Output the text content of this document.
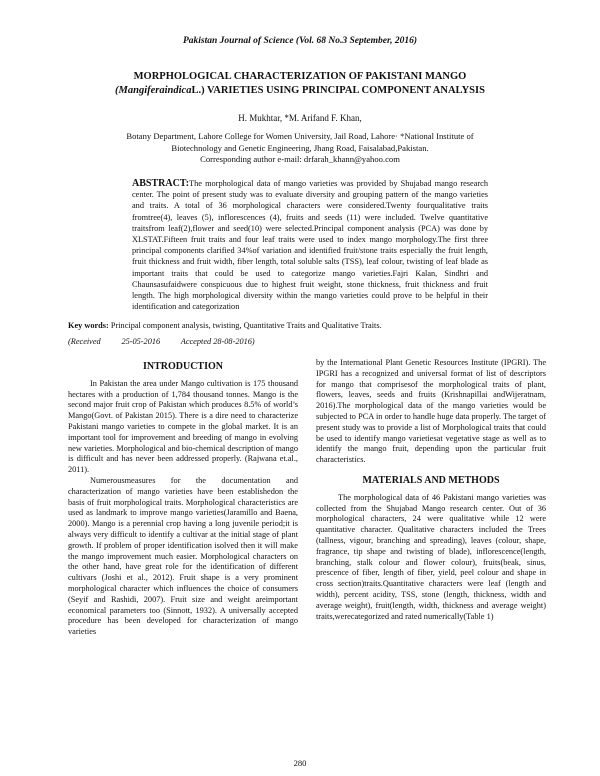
Pakistan Journal of Science (Vol. 68 No.3 September, 2016)
MORPHOLOGICAL CHARACTERIZATION OF PAKISTANI MANGO
(MangiferaindicaL.) VARIETIES USING PRINCIPAL COMPONENT ANALYSIS
H. Mukhtar, *M. Arifand F. Khan,
Botany Department, Lahore College for Women University, Jail Road, Lahore· *National Institute of Biotechnology and Genetic Engineering, Jhang Road, Faisalabad,Pakistan.
Corresponding author e-mail: drfarah_khann@yahoo.com
ABSTRACT:The morphological data of mango varieties was provided by Shujabad mango research center. The point of present study was to evaluate diversity and grouping pattern of the mango varieties and traits. A total of 36 morphological characters were considered.Twenty fourqualitative traits fromtree(4), leaves (5), inflorescences (4), fruits and seeds (11) were included. Twelve quantitative traitsfrom leaf(2),flower and seed(10) were selected.Principal component analysis (PCA) was done by XLSTAT.Fifteen fruit traits and four leaf traits were used to index mango morphology.The first three principal components clarified 34%of variation and identified fruit/stone traits especially the fruit length, fruit thickness and fruit width, fiber length, total soluble salts (TSS), leaf colour, twisting of leaf blade as important traits that could be used to categorize mango varieties.Fajri Kalan, Sindhri and Chaunsasufaidwere conspicuous due to highest fruit weight, stone thickness, fruit thickness and fruit length. The high morphological diversity within the mango varieties could prove to be helpful in their identification and categorization
Key words: Principal component analysis, twisting, Quantitative Traits and Qualitative Traits.
(Received          25-05-2016          Accepted 28-08-2016)
INTRODUCTION

In Pakistan the area under Mango cultivation is 175 thousand hectares with a production of 1,784 thousand tonnes. Mango is the second major fruit crop of Pakistan which produces 8.5% of world’s Mango(Govt. of Pakistan 2015). There is a dire need to characterize Pakistani mango varieties to compete in the global market. It is an important tool for improvement and breeding of mango in evolving new varieties. Morphological and bio-chemical description of mango is difficult and has never been addressed properly. (Rajwana et.al., 2011).

Numerousmeasures for the documentation and characterization of mango varieties have been establishedon the basis of fruit morphological traits. Morphological characteristics are used as landmark to improve mango varieties(Jaramillo and Baena, 2000). Mango is a perennial crop having a long juvenile period;it is always very difficult to identify a cultivar at the initial stage of plant growth. If problem of proper identification isolved then it will make the mango improvement much easier. Morphological characters on the other hand, have great role for the identification of different cultivars (Joshi et al., 2012). Fruit shape is a very prominent morphological character which influences the choice of consumers (Seyif and Rashidi, 2007). Fruit size and weight areimportant economical parameters too (Sinnott, 1932). A universally accepted procedure has been developed for characterization of mango varieties

by the International Plant Genetic Resources Institute (IPGRI). The IPGRI has a recognized and universal format of list of descriptors for mango that comprisesof the morphological traits of plant, flowers, leaves, seeds and fruits (Krishnapillai andWijeratnam, 2016).The morphological data of the mango varieties would be subjected to PCA in order to handle huge data properly. The target of present study was to provide a list of Morphological traits that could be used to identify mango varietiesat vegetative stage as well as to identify the mango fruit, depending upon the particular fruit characteristics.

MATERIALS AND METHODS

The morphological data of 46 Pakistani mango varieties was collected from the Shujabad Mango research center. Out of 36 morphological characters, 24 were qualitative while 12 were quantitative character. Qualitative characters included the Trees (tallness, vigour, branching and spreading), leaves (colour, shape, fragrance, tip shape and twisting of blade), inflorescence(length, branching, stalk colour and flower colour), fruits(beak, sinus, prescence of fiber, length of fiber, yield, peel colour and shape in cross section)traits.Quantitative characters were leaf (length and width), percent acidity, TSS, stone (length, thickness, width and average weight), fruit(length, width, thickness and average weight) traits,werecategorized and rated numerically(Table 1)

280
